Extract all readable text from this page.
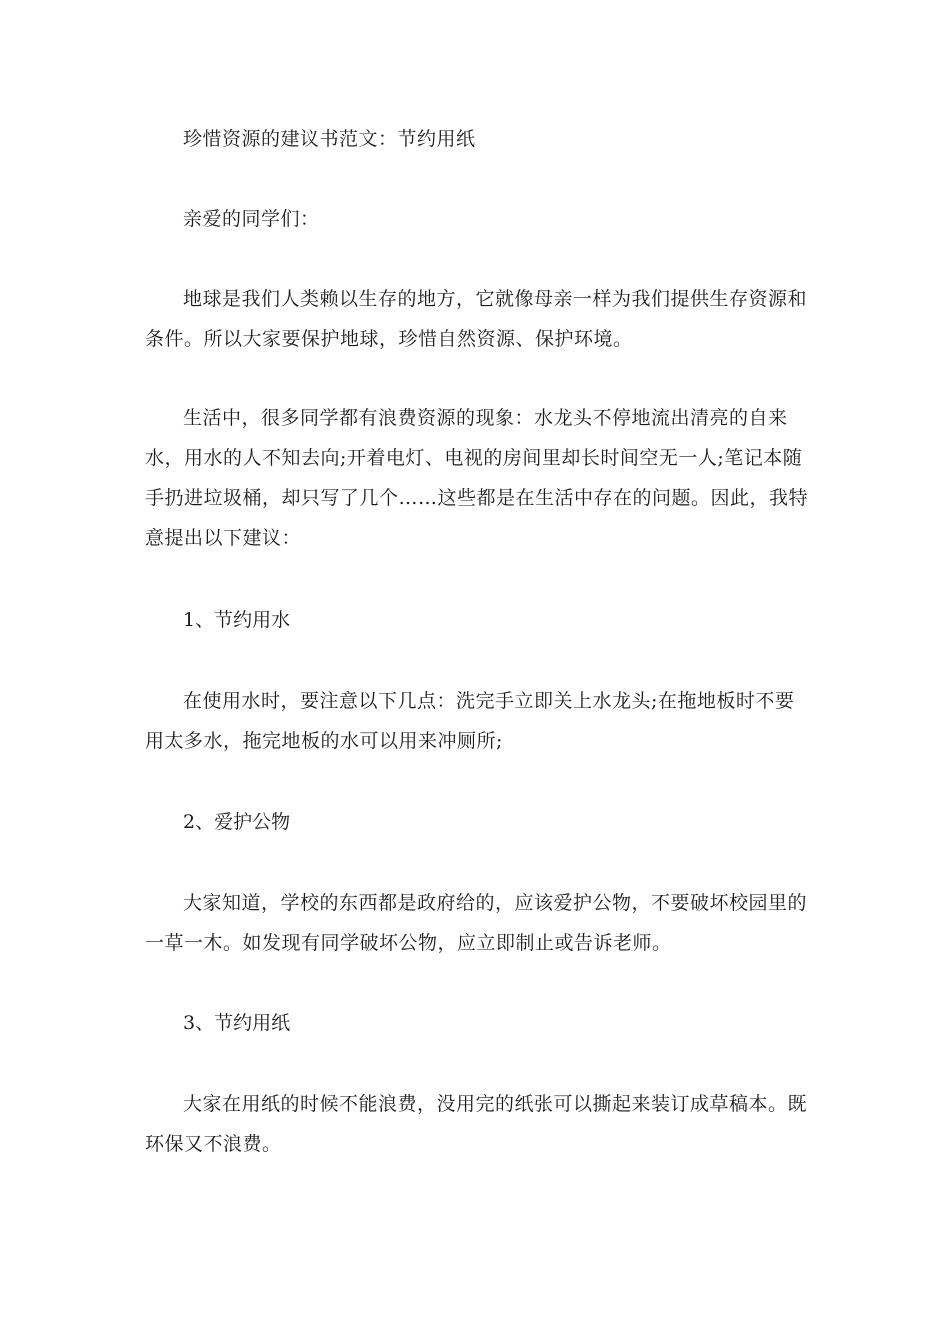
珍惜资源的建议书范文：节约用纸

亲爱的同学们：

地球是我们人类赖以生存的地方，它就像母亲一样为我们提供生存资源和条件。所以大家要保护地球，珍惜自然资源、保护环境。

生活中，很多同学都有浪费资源的现象：水龙头不停地流出清亮的自来水，用水的人不知去向;开着电灯、电视的房间里却长时间空无一人;笔记本随手扔进垃圾桶，却只写了几个……这些都是在生活中存在的问题。因此，我特意提出以下建议：

1、节约用水

在使用水时，要注意以下几点：洗完手立即关上水龙头;在拖地板时不要用太多水，拖完地板的水可以用来冲厕所;

2、爱护公物

大家知道，学校的东西都是政府给的，应该爱护公物，不要破坏校园里的一草一木。如发现有同学破坏公物，应立即制止或告诉老师。

3、节约用纸

大家在用纸的时候不能浪费，没用完的纸张可以撕起来装订成草稿本。既环保又不浪费。
